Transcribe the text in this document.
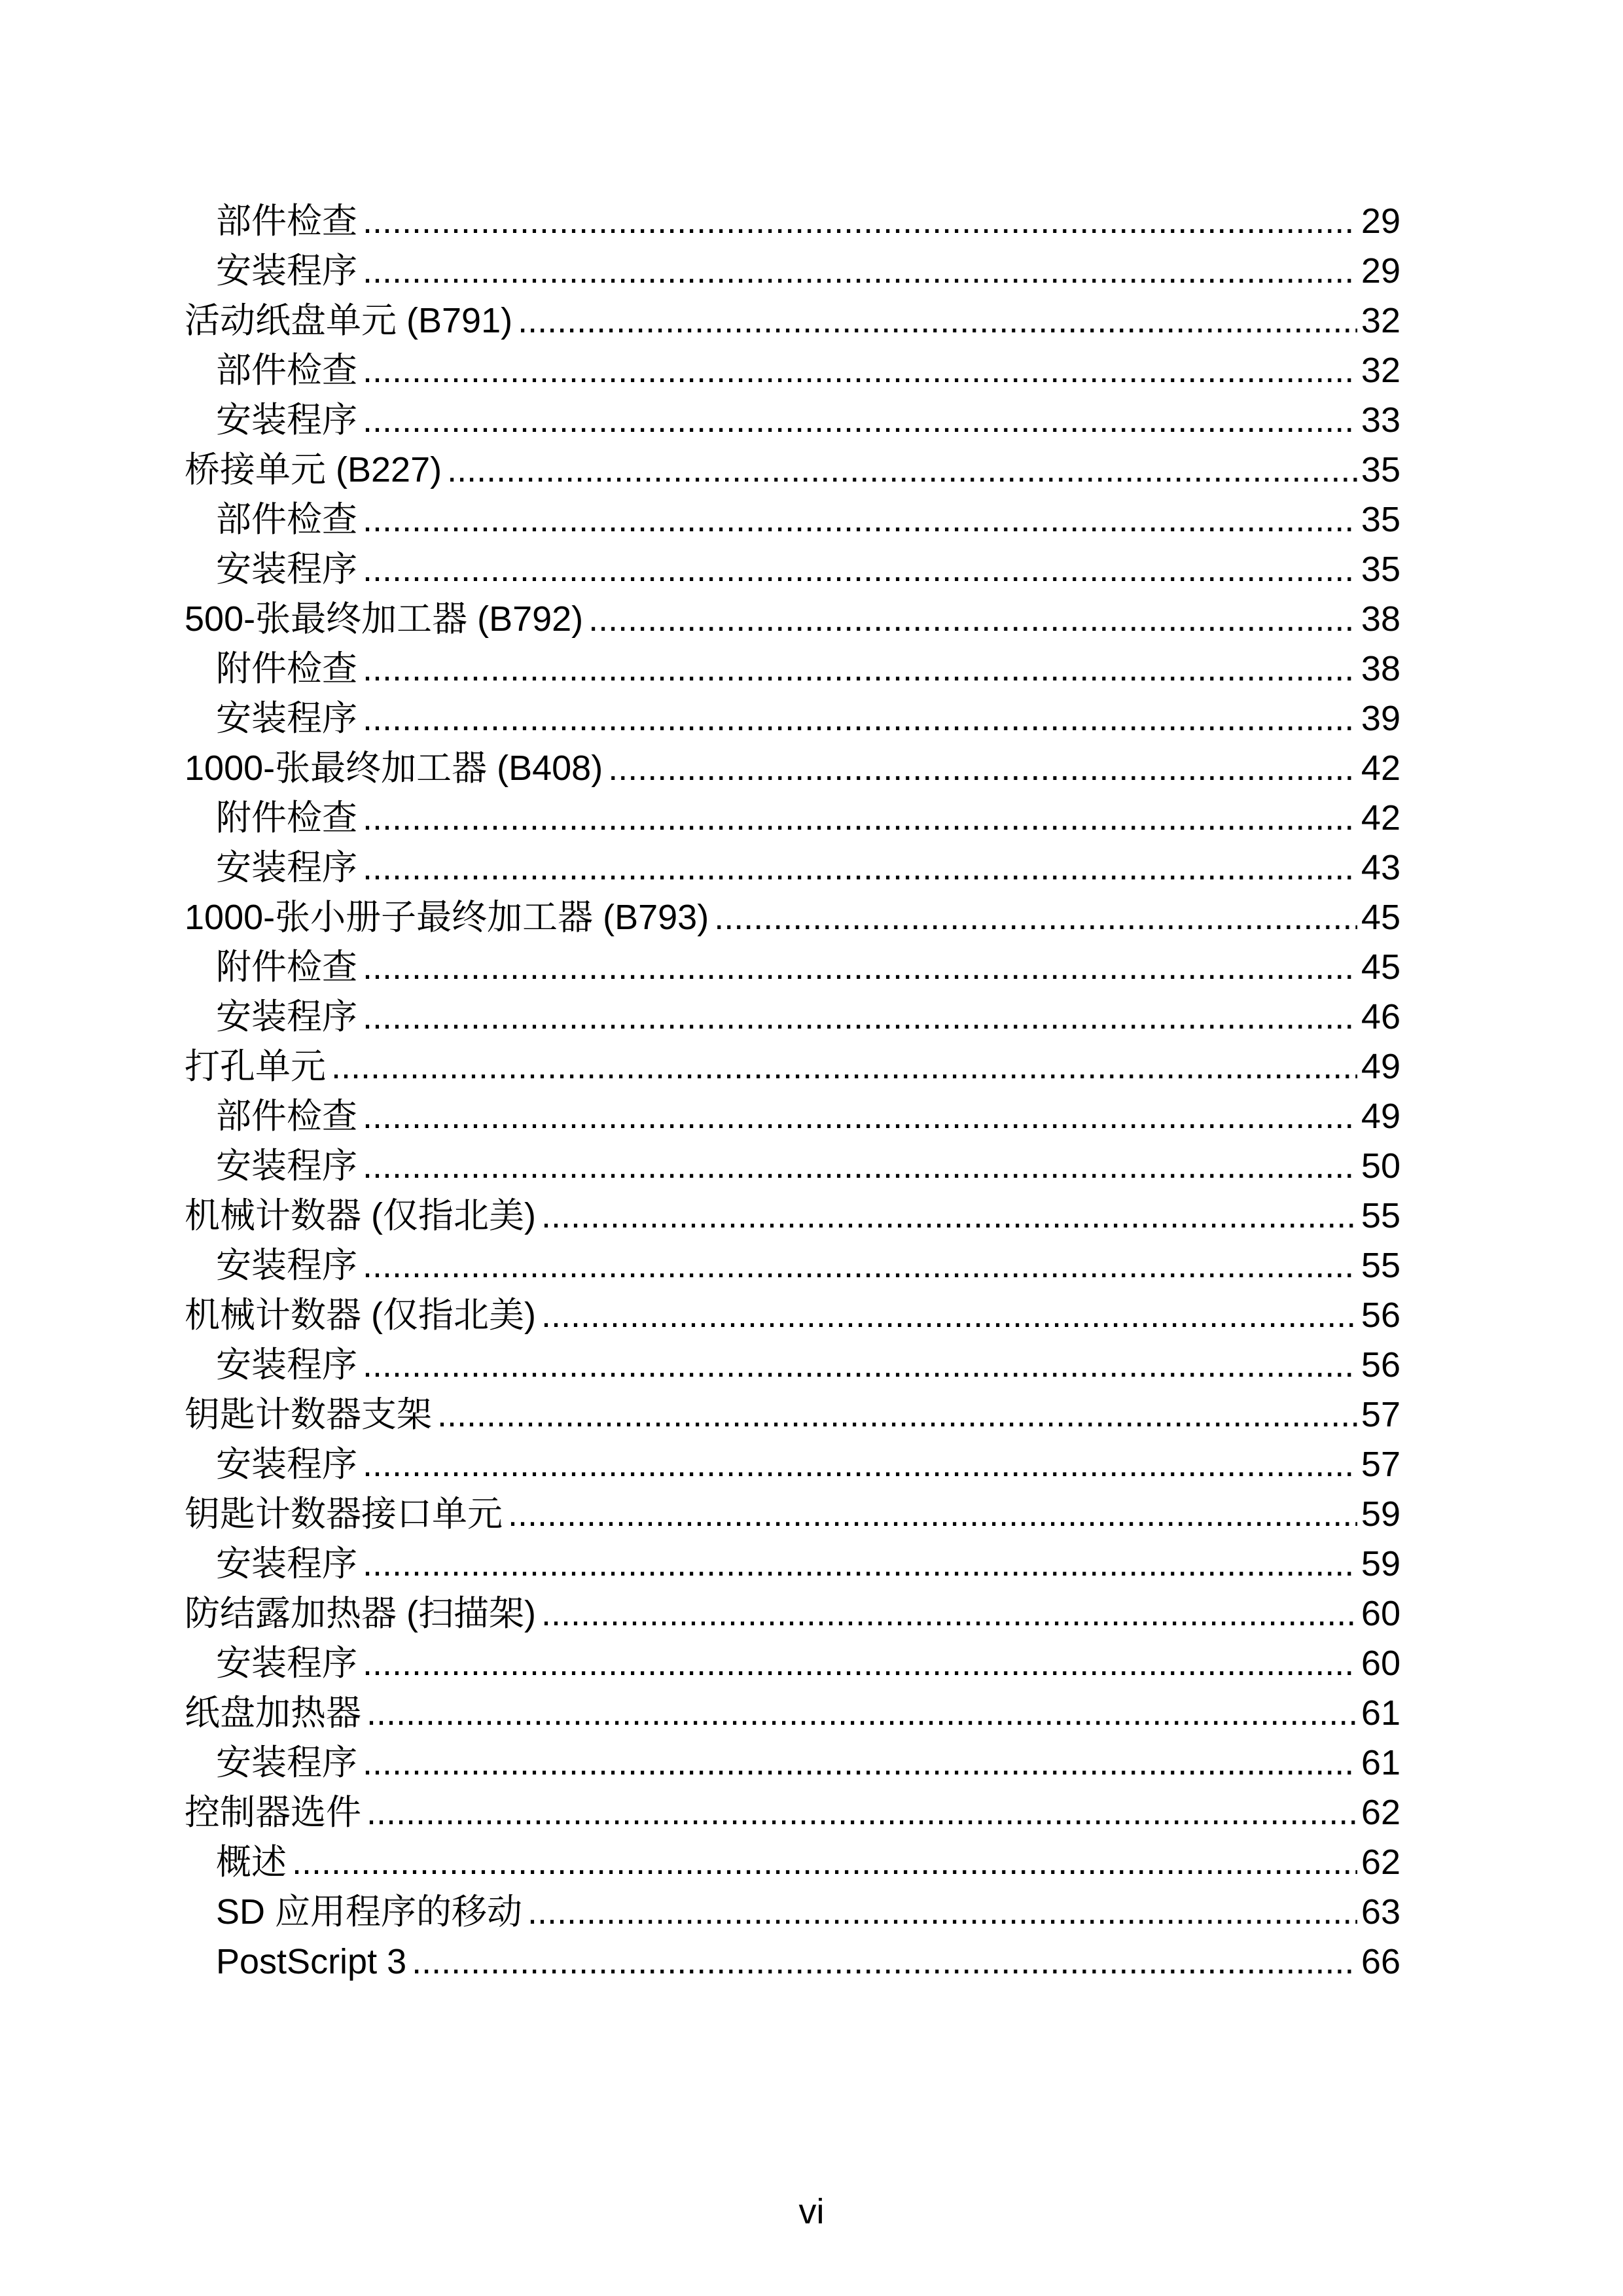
部件检查 .....	29
安装程序 .....	29
活动纸盘单元 (B791) .....	32
部件检查 .....	32
安装程序 .....	33
桥接单元 (B227) .....	35
部件检查 .....	35
安装程序 .....	35
500-张最终加工器 (B792) .....	38
附件检查 .....	38
安装程序 .....	39
1000-张最终加工器 (B408) .....	42
附件检查 .....	42
安装程序 .....	43
1000-张小册子最终加工器 (B793) .....	45
附件检查 .....	45
安装程序 .....	46
打孔单元 .....	49
部件检查 .....	49
安装程序 .....	50
机械计数器 (仅指北美) .....	55
安装程序 .....	55
机械计数器 (仅指北美) .....	56
安装程序 .....	56
钥匙计数器支架 .....	57
安装程序 .....	57
钥匙计数器接口单元 .....	59
安装程序 .....	59
防结露加热器 (扫描架) .....	60
安装程序 .....	60
纸盘加热器 .....	61
安装程序 .....	61
控制器选件 .....	62
概述 .....	62
SD 应用程序的移动 .....	63
PostScript 3 .....	66
vi
